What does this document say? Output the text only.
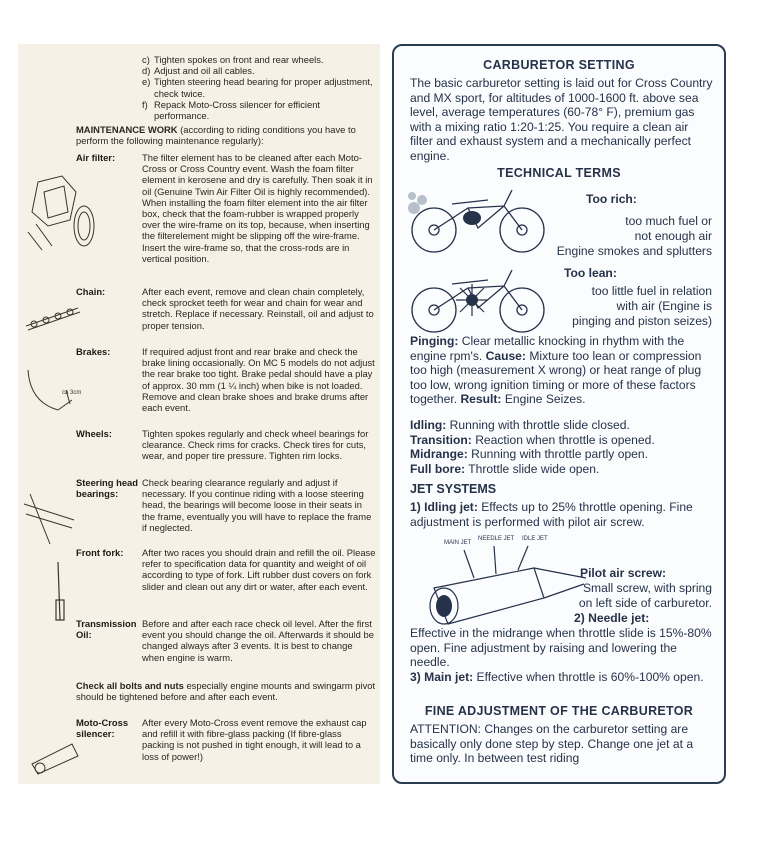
c) Tighten spokes on front and rear wheels.
d) Adjust and oil all cables.
e) Tighten steering head bearing for proper adjustment, check twice.
f) Repack Moto-Cross silencer for efficient performance.
MAINTENANCE WORK (according to riding conditions you have to perform the following maintenance regularly):
ca 3cm
Air filter:	The filter element has to be cleaned after each Moto-Cross or Cross Country event. Wash the foam filter element in kerosene and dry is carefully. Then soak it in oil (Genuine Twin Air Filter Oil is highly recommended). When installing the foam filter element into the air filter box, check that the foam-rubber is wrapped properly over the wire-frame on its top, because, when inserting the filterelement might be slipping off the wire-frame. Insert the wire-frame so, that the cross-rods are in vertical position.
Chain:	After each event, remove and clean chain completely, check sprocket teeth for wear and chain for wear and stretch. Replace if necessary. Reinstall, oil and adjust to proper tension.
Brakes:	If required adjust front and rear brake and check the brake lining occasionally. On MC 5 models do not adjust the rear brake too tight. Brake pedal should have a play of approx. 30 mm (1 ¼ inch) when bike is not loaded. Remove and clean brake shoes and brake drums after each event.
Wheels:	Tighten spokes regularly and check wheel bearings for clearance. Check rims for cracks. Check tires for cuts, wear, and poper tire pressure. Tighten rim locks.
Steering head bearings:
Check bearing clearance regularly and adjust if necessary. If you continue riding with a loose steering head, the bearings will become loose in their seats in the frame, eventually you will have to replace the frame if neglected.
Front fork:	After two races you should drain and refill the oil. Please refer to specification data for quantity and weight of oil according to type of fork. Lift rubber dust covers on fork slider and clean out any dirt or water, after each event.
Transmission Oil:
Before and after each race check oil level. After the first event you should change the oil. Afterwards it should be changed always after 3 events. It is best to change when engine is warm.
Check all bolts and nuts especially engine mounts and swingarm pivot should be tightened before and after each event.
Moto-Cross silencer:
After every Moto-Cross event remove the exhaust cap and refill it with fibre-glass packing (If fibre-glass packing is not pushed in tight enough, it will lead to a loss of power!)
CARBURETOR SETTING
The basic carburetor setting is laid out for Cross Country and MX sport, for altitudes of 1000-1600 ft. above sea level, average temperatures (60-78° F), premium gas with a mixing ratio 1:20-1:25. You require a clean air filter and exhaust system and a mechanically perfect engine.
TECHNICAL TERMS
Too rich:
too much fuel or
not enough air
Engine smokes and splutters
Too lean:
too little fuel in relation
with air (Engine is
pinging and piston seizes)
Pinging: Clear metallic knocking in rhythm with the engine rpm's. Cause: Mixture too lean or compression too high (measurement X wrong) or heat range of plug too low, wrong ignition timing or more of these factors together. Result: Engine Seizes.
Idling: Running with throttle slide closed.
Transition: Reaction when throttle is opened.
Midrange: Running with throttle partly open.
Full bore: Throttle slide wide open.
JET SYSTEMS
1) Idling jet: Effects up to 25% throttle opening. Fine adjustment is performed with pilot air screw.
MAIN JET
NEEDLE JET IDLE JET
Pilot air screw:
Small screw, with spring
on left side of carburetor.
2) Needle jet:
Effective in the midrange when throttle slide is 15%-80% open. Fine adjustment by raising and lowering the needle.
3) Main jet: Effective when throttle is 60%-100% open.
FINE ADJUSTMENT OF THE CARBURETOR
ATTENTION: Changes on the carburetor setting are basically only done step by step. Change one jet at a time only. In between test riding
